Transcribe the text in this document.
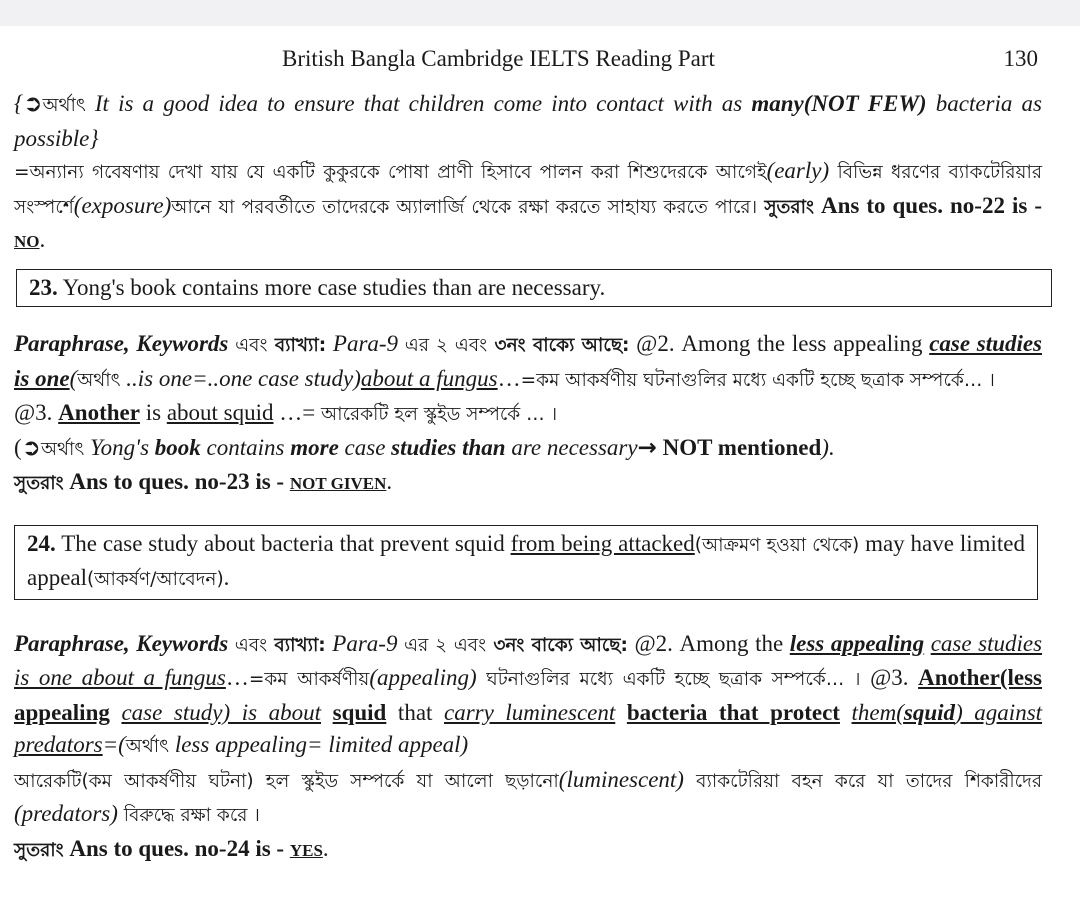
British Bangla Cambridge IELTS Reading Part	130
{➲অর্থাৎ It is a good idea to ensure that children come into contact with as many(NOT FEW) bacteria as possible}
=অন্যান্য গবেষণায় দেখা যায় যে একটি কুকুরকে পোষা প্রাণী হিসাবে পালন করা শিশুদেরকে আগেই(early) বিভিন্ন ধরণের ব্যাকটেরিয়ার সংস্পর্শে(exposure)আনে যা পরবর্তীতে তাদেরকে অ্যালার্জি থেকে রক্ষা করতে সাহায্য করতে পারে। সুতরাং Ans to ques. no-22 is - NO.
23. Yong's book contains more case studies than are necessary.
Paraphrase, Keywords এবং ব্যাখ্যা: Para-9 এর ২ এবং ৩নং বাক্যে আছে: @2. Among the less appealing case studies is one(অর্থাৎ ..is one=..one case study)about a fungus…=কম আকর্ষণীয় ঘটনাগুলির মধ্যে একটি হচ্ছে ছত্রাক সম্পর্কে… ।
@3. Another is about squid …= আরেকটি হল স্কুইড সম্পর্কে … ।
(➲অর্থাৎ Yong's book contains more case studies than are necessary→ NOT mentioned).
সুতরাং Ans to ques. no-23 is - NOT GIVEN.
24. The case study about bacteria that prevent squid from being attacked(আক্রমণ হওয়া থেকে) may have limited appeal(আকর্ষণ/আবেদন).
Paraphrase, Keywords এবং ব্যাখ্যা: Para-9 এর ২ এবং ৩নং বাক্যে আছে: @2. Among the less appealing case studies is one about a fungus…=কম আকর্ষণীয়(appealing) ঘটনাগুলির মধ্যে একটি হচ্ছে ছত্রাক সম্পর্কে… । @3. Another(less appealing case study) is about squid that carry luminescent bacteria that protect them(squid) against predators=(অর্থাৎ less appealing= limited appeal)
আরেকটি(কম আকর্ষণীয় ঘটনা) হল স্কুইড সম্পর্কে যা আলো ছড়ানো(luminescent) ব্যাকটেরিয়া বহন করে যা তাদের শিকারীদের (predators) বিরুদ্ধে রক্ষা করে ।
সুতরাং Ans to ques. no-24 is - YES.
